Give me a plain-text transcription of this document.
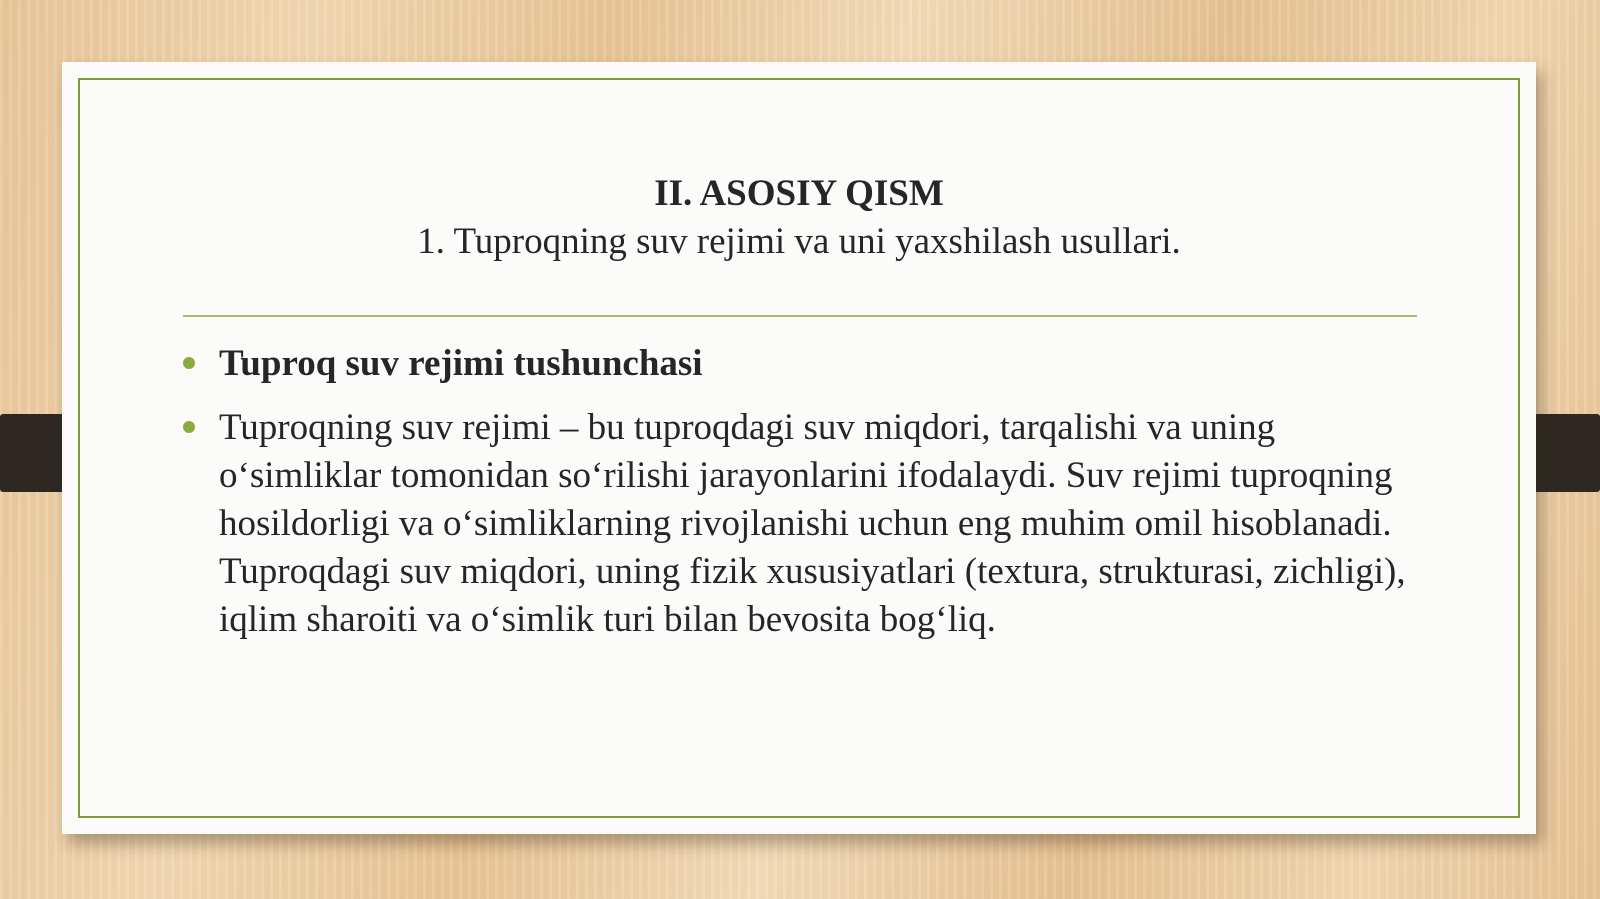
II. ASOSIY QISM
1. Tuproqning suv rejimi va uni yaxshilash usullari.
Tuproq suv rejimi tushunchasi
Tuproqning suv rejimi – bu tuproqdagi suv miqdori, tarqalishi va uning o‘simliklar tomonidan so‘rilishi jarayonlarini ifodalaydi. Suv rejimi tuproqning hosildorligi va o‘simliklarning rivojlanishi uchun eng muhim omil hisoblanadi. Tuproqdagi suv miqdori, uning fizik xususiyatlari (textura, strukturasi, zichligi), iqlim sharoiti va o‘simlik turi bilan bevosita bog‘liq.
